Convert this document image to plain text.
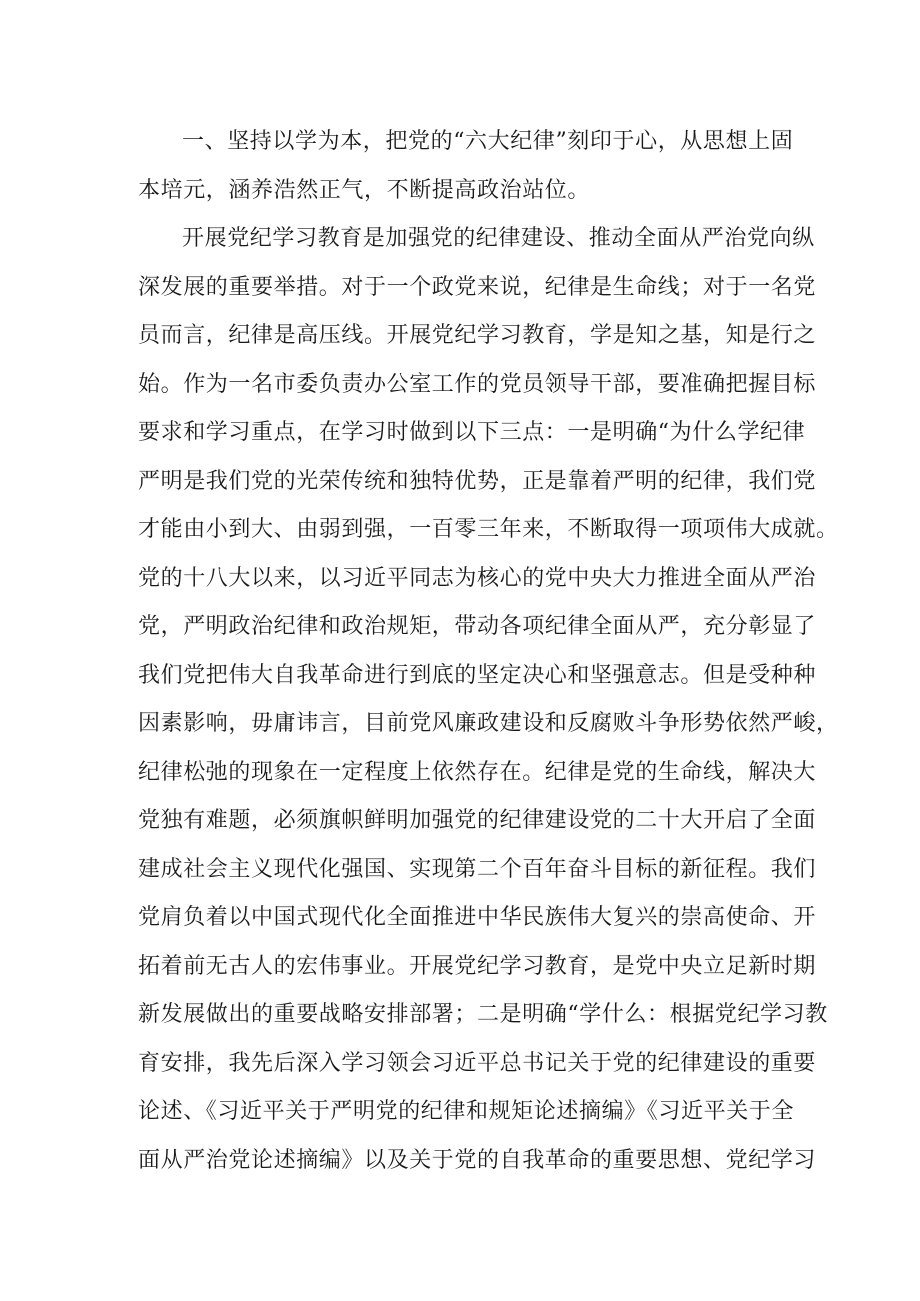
一、坚持以学为本，把党的“六大纪律”刻印于心，从思想上固
本培元，涵养浩然正气，不断提高政治站位。
开展党纪学习教育是加强党的纪律建设、推动全面从严治党向纵
深发展的重要举措。对于一个政党来说，纪律是生命线；对于一名党
员而言，纪律是高压线。开展党纪学习教育，学是知之基，知是行之
始。作为一名市委负责办公室工作的党员领导干部，要准确把握目标
要求和学习重点，在学习时做到以下三点：一是明确“为什么学纪律
严明是我们党的光荣传统和独特优势，正是靠着严明的纪律，我们党
才能由小到大、由弱到强，一百零三年来，不断取得一项项伟大成就。
党的十八大以来，以习近平同志为核心的党中央大力推进全面从严治
党，严明政治纪律和政治规矩，带动各项纪律全面从严，充分彰显了
我们党把伟大自我革命进行到底的坚定决心和坚强意志。但是受种种
因素影响，毋庸讳言，目前党风廉政建设和反腐败斗争形势依然严峻，
纪律松弛的现象在一定程度上依然存在。纪律是党的生命线，解决大
党独有难题，必须旗帜鲜明加强党的纪律建设党的二十大开启了全面
建成社会主义现代化强国、实现第二个百年奋斗目标的新征程。我们
党肩负着以中国式现代化全面推进中华民族伟大复兴的崇高使命、开
拓着前无古人的宏伟事业。开展党纪学习教育，是党中央立足新时期
新发展做出的重要战略安排部署；二是明确“学什么：根据党纪学习教
育安排，我先后深入学习领会习近平总书记关于党的纪律建设的重要
论述、《习近平关于严明党的纪律和规矩论述摘编》《习近平关于全
面从严治党论述摘编》以及关于党的自我革命的重要思想、党纪学习
